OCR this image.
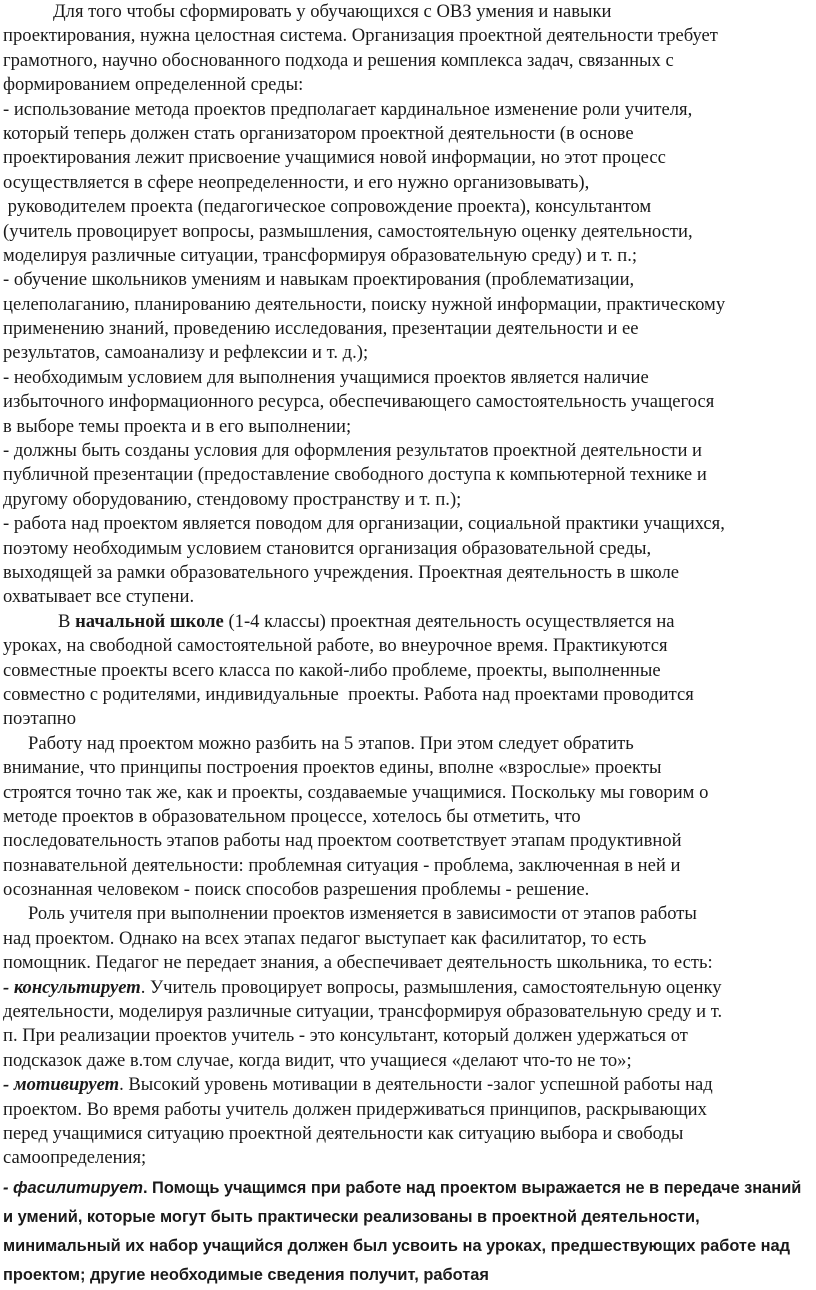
Для того чтобы сформировать у обучающихся с ОВЗ умения и навыки
проектирования, нужна целостная система. Организация проектной деятельности требует
грамотного, научно обоснованного подхода и решения комплекса задач, связанных с
формированием определенной среды:
- использование метода проектов предполагает кардинальное изменение роли учителя,
который теперь должен стать организатором проектной деятельности (в основе
проектирования лежит присвоение учащимися новой информации, но этот процесс
осуществляется в сфере неопределенности, и его нужно организовывать),
руководителем проекта (педагогическое сопровождение проекта), консультантом
(учитель провоцирует вопросы, размышления, самостоятельную оценку деятельности,
моделируя различные ситуации, трансформируя образовательную среду) и т. п.;
- обучение школьников умениям и навыкам проектирования (проблематизации,
целеполаганию, планированию деятельности, поиску нужной информации, практическому
применению знаний, проведению исследования, презентации деятельности и ее
результатов, самоанализу и рефлексии и т. д.);
- необходимым условием для выполнения учащимися проектов является наличие
избыточного информационного ресурса, обеспечивающего самостоятельность учащегося
в выборе темы проекта и в его выполнении;
- должны быть созданы условия для оформления результатов проектной деятельности и
публичной презентации (предоставление свободного доступа к компьютерной технике и
другому оборудованию, стендовому пространству и т. п.);
- работа над проектом является поводом для организации, социальной практики учащихся,
поэтому необходимым условием становится организация образовательной среды,
выходящей за рамки образовательного учреждения. Проектная деятельность в школе
охватывает все ступени.
В начальной школе (1-4 классы) проектная деятельность осуществляется на
уроках, на свободной самостоятельной работе, во внеурочное время. Практикуются
совместные проекты всего класса по какой-либо проблеме, проекты, выполненные
совместно с родителями, индивидуальные  проекты. Работа над проектами проводится
поэтапно
Работу над проектом можно разбить на 5 этапов. При этом следует обратить
внимание, что принципы построения проектов едины, вполне «взрослые» проекты
строятся точно так же, как и проекты, создаваемые учащимися. Поскольку мы говорим о
методе проектов в образовательном процессе, хотелось бы отметить, что
последовательность этапов работы над проектом соответствует этапам продуктивной
познавательной деятельности: проблемная ситуация - проблема, заключенная в ней и
осознанная человеком - поиск способов разрешения проблемы - решение.
Роль учителя при выполнении проектов изменяется в зависимости от этапов работы
над проектом. Однако на всех этапах педагог выступает как фасилитатор, то есть
помощник. Педагог не передает знания, а обеспечивает деятельность школьника, то есть:
- консультирует. Учитель провоцирует вопросы, размышления, самостоятельную оценку
деятельности, моделируя различные ситуации, трансформируя образовательную среду и т.
п. При реализации проектов учитель - это консультант, который должен удержаться от
подсказок даже в.том случае, когда видит, что учащиеся «делают что-то не то»;
- мотивирует. Высокий уровень мотивации в деятельности -залог успешной работы над
проектом. Во время работы учитель должен придерживаться принципов, раскрывающих
перед учащимися ситуацию проектной деятельности как ситуацию выбора и свободы
самоопределения;
- фасилитирует. Помощь учащимся при работе над проектом выражается не в передаче знаний
и умений, которые могут быть практически реализованы в проектной деятельности,
минимальный их набор учащийся должен был усвоить на уроках, предшествующих работе над
проектом; другие необходимые сведения получит, работая
